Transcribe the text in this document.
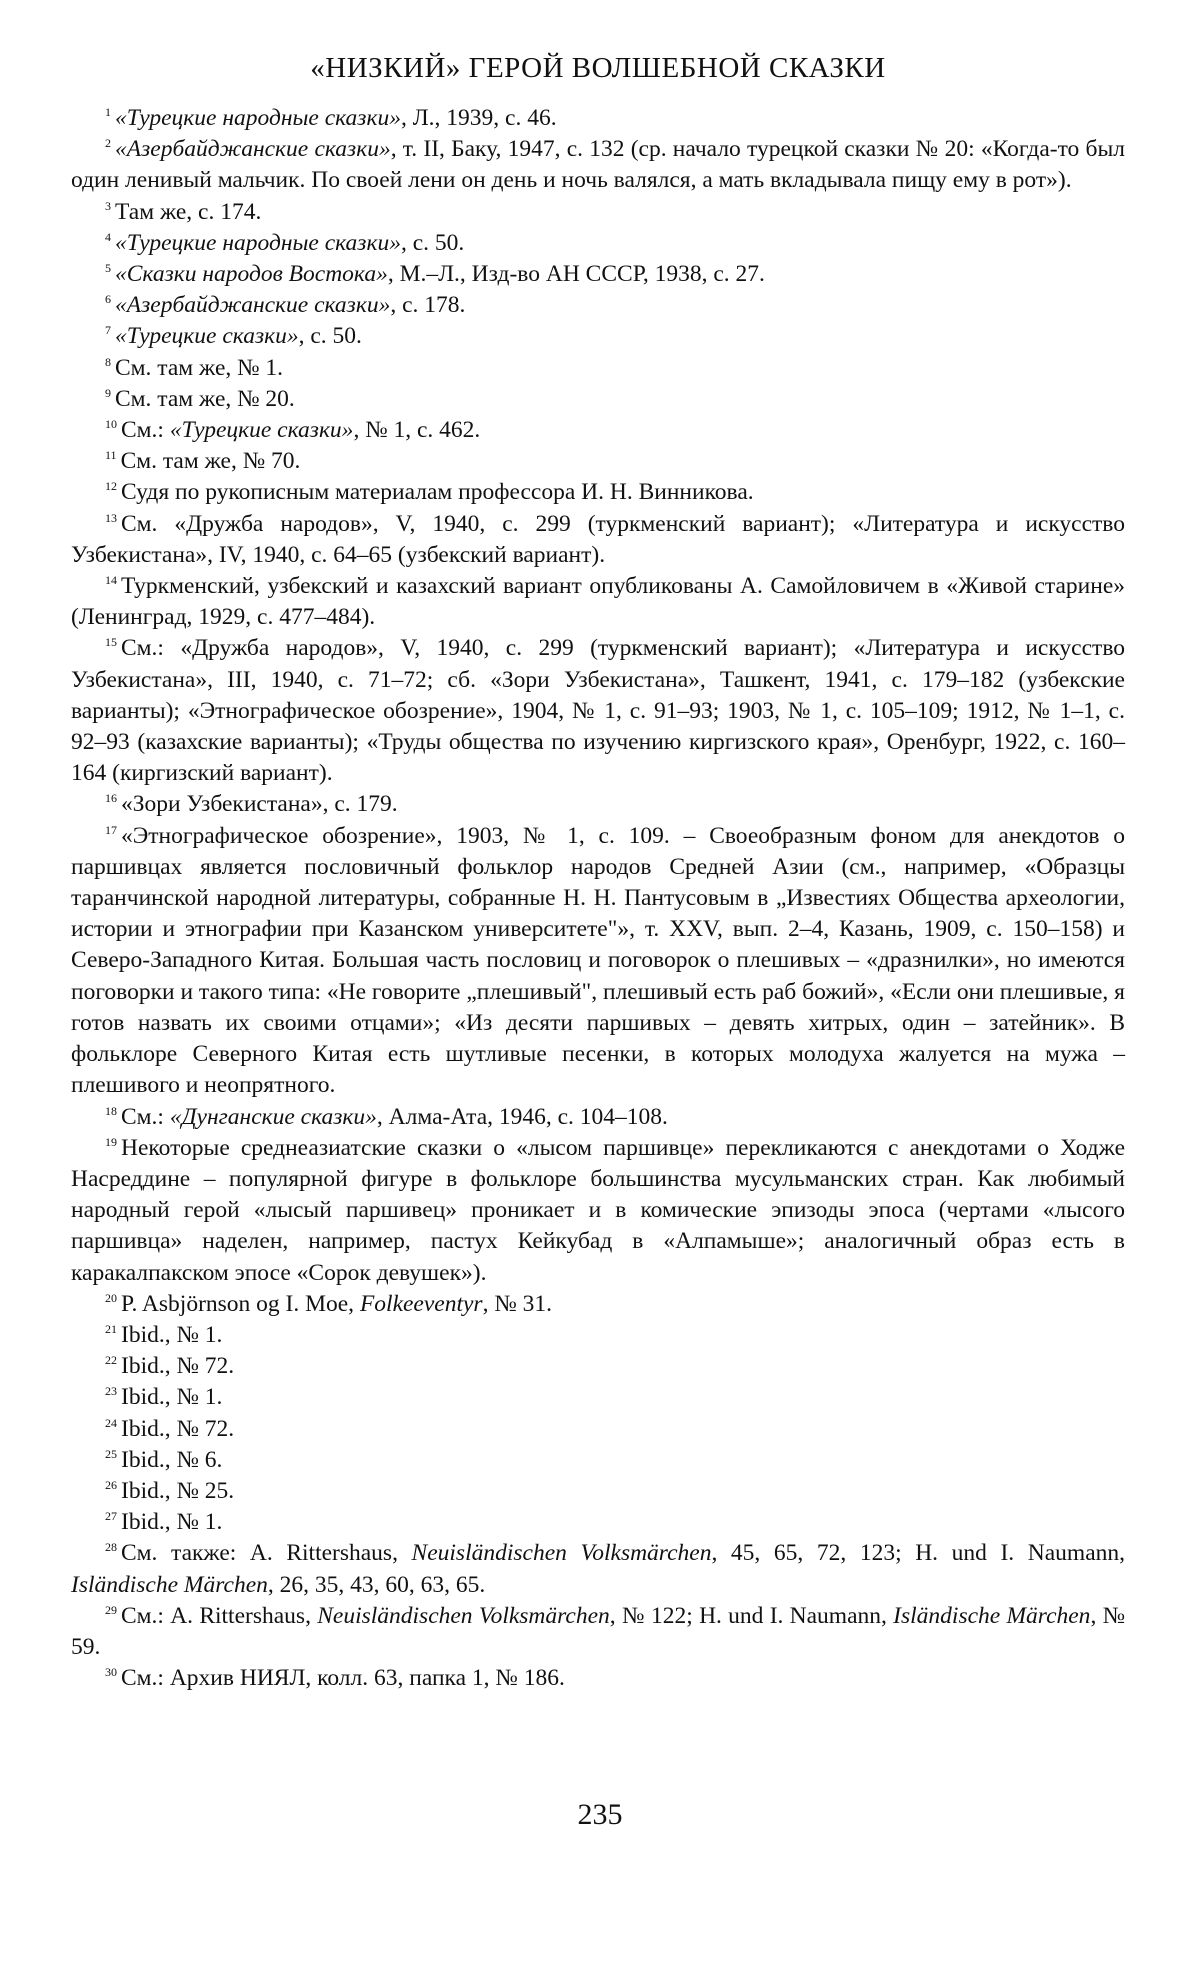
«НИЗКИЙ» ГЕРОЙ ВОЛШЕБНОЙ СКАЗКИ

$^1$ «Турецкие народные сказки», Л., 1939, с. 46.

$^2$ «Азербайджанские сказки», т. II, Баку, 1947, с. 132 (ср. начало турецкой сказки № 20: «Когда-то был один ленивый мальчик. По своей лени он день и ночь валялся, а мать вкладывала пищу ему в рот»).

$^3$ Там же, с. 174.

$^4$ «Турецкие народные сказки», с. 50.

$^5$ «Сказки народов Востока», М.–Л., Изд-во АН СССР, 1938, с. 27.

$^6$ «Азербайджанские сказки», с. 178.

$^7$ «Турецкие сказки», с. 50.

$^8$ См. там же, № 1.

$^9$ См. там же, № 20.

$^{10}$ См.: «Турецкие сказки», № 1, с. 462.

$^{11}$ См. там же, № 70.

$^{12}$ Судя по рукописным материалам профессора И. Н. Винникова.

$^{13}$ См. «Дружба народов», V, 1940, с. 299 (туркменский вариант); «Литература и искусство Узбекистана», IV, 1940, с. 64–65 (узбекский вариант).

$^{14}$ Туркменский, узбекский и казахский вариант опубликованы А. Самойловичем в «Живой старине» (Ленинград, 1929, с. 477–484).

$^{15}$ См.: «Дружба народов», V, 1940, с. 299 (туркменский вариант); «Литература и искусство Узбекистана», III, 1940, с. 71–72; сб. «Зори Узбекистана», Ташкент, 1941, с. 179–182 (узбекские варианты); «Этнографическое обозрение», 1904, № 1, с. 91–93; 1903, № 1, с. 105–109; 1912, № 1–1, с. 92–93 (казахские варианты); «Труды общества по изучению киргизского края», Оренбург, 1922, с. 160–164 (киргизский вариант).

$^{16}$ «Зори Узбекистана», с. 179.

$^{17}$ «Этнографическое обозрение», 1903, № 1, с. 109. – Своеобразным фоном для анекдотов о паршивцах является пословичный фольклор народов Средней Азии (см., например, «Образцы таранчинской народной литературы, собранные Н. Н. Пантусовым в „Известиях Общества археологии, истории и этнографии при Казанском университете"», т. XXV, вып. 2–4, Казань, 1909, с. 150–158) и Северо-Западного Китая. Большая часть пословиц и поговорок о плешивых – «дразнилки», но имеются поговорки и такого типа: «Не говорите „плешивый", плешивый есть раб божий», «Если они плешивые, я готов назвать их своими отцами»; «Из десяти паршивых – девять хитрых, один – затейник». В фольклоре Северного Китая есть шутливые песенки, в которых молодуха жалуется на мужа – плешивого и неопрятного.

$^{18}$ См.: «Дунганские сказки», Алма-Ата, 1946, с. 104–108.

$^{19}$ Некоторые среднеазиатские сказки о «лысом паршивце» перекликаются с анекдотами о Ходже Насреддине – популярной фигуре в фольклоре большинства мусульманских стран. Как любимый народный герой «лысый паршивец» проникает и в комические эпизоды эпоса (чертами «лысого паршивца» наделен, например, пастух Кейкубад в «Алпамыше»; аналогичный образ есть в каракалпакском эпосе «Сорок девушек»).

$^{20}$ P. Asbjörnson og I. Moe, Folkeeventyr, № 31.

$^{21}$ Ibid., № 1.

$^{22}$ Ibid., № 72.

$^{23}$ Ibid., № 1.

$^{24}$ Ibid., № 72.

$^{25}$ Ibid., № 6.

$^{26}$ Ibid., № 25.

$^{27}$ Ibid., № 1.

$^{28}$ См. также: A. Rittershaus, Neuisländischen Volksmärchen, 45, 65, 72, 123; H. und I. Naumann, Isländische Märchen, 26, 35, 43, 60, 63, 65.

$^{29}$ См.: A. Rittershaus, Neuisländischen Volksmärchen, № 122; H. und I. Naumann, Isländische Märchen, № 59.

$^{30}$ См.: Архив НИЯЛ, колл. 63, папка 1, № 186.

235
